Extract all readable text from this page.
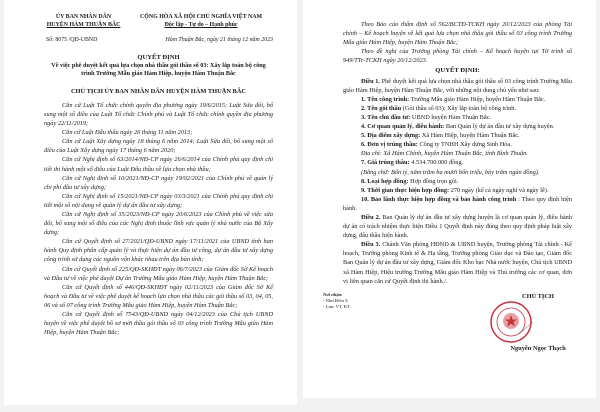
ỦY BAN NHÂN DÂN
HUYỆN HÀM THUẬN BẮC
CỘNG HÒA XÃ HỘI CHỦ NGHĨA VIỆT NAM
Độc lập - Tự do – Hạnh phúc
Số: 8075 /QĐ-UBND	Hàm Thuận Bắc, ngày 21 tháng 12 năm 2023
QUYẾT ĐỊNH
Về việc phê duyệt kết quả lựa chọn nhà thầu gói thầu số 03: Xây lắp toàn bộ công trình Trường Mẫu giáo Hàm Hiệp, huyện Hàm Thuận Bắc
CHỦ TỊCH ỦY BAN NHÂN DÂN HUYỆN HÀM THUẬN BẮC

Căn cứ Luật Tổ chức chính quyền địa phương ngày 19/6/2015; Luật Sửa đổi, bổ sung một số điều của Luật Tổ chức Chính phủ và Luật Tổ chức chính quyền địa phương ngày 22/11/2019;

Căn cứ Luật Đấu thầu ngày 26 tháng 11 năm 2013;

Căn cứ Luật Xây dựng ngày 18 tháng 6 năm 2014; Luật Sửa đổi, bổ sung một số điều của Luật Xây dựng ngày 17 tháng 6 năm 2020;

Căn cứ Nghị định số 63/2014/NĐ-CP ngày 26/6/2014 của Chính phủ quy định chi tiết thi hành một số điều của Luật Đấu thầu về lựa chọn nhà thầu;

Căn cứ Nghị định số 10/2021/NĐ-CP ngày 19/02/2021 của Chính phủ về quản lý chi phí đầu tư xây dựng;

Căn cứ Nghị định số 15/2021/NĐ-CP ngày 03/3/2021 của Chính phủ quy định chi tiết một số nội dung về quản lý dự án đầu tư xây dựng;

Căn cứ Nghị định số 35/2023/NĐ-CP ngày 20/6/2023 của Chính phủ về việc sửa đổi, bổ sung một số điều của các Nghị định thuộc lĩnh vực quản lý nhà nước của Bộ Xây dựng;

Căn cứ Quyết định số 27/2021/QĐ-UBND ngày 17/11/2021 của UBND tỉnh ban hành Quy định phân cấp quản lý và thực hiện dự án đầu tư công, dự án đầu tư xây dựng công trình sử dụng các nguồn vốn khác nhau trên địa bàn tỉnh;

Căn cứ Quyết định số 225/QĐ-SKHĐT ngày 06/7/2023 của Giám đốc Sở Kế hoạch và Đầu tư về việc phê duyệt Dự án Trường Mẫu giáo Hàm Hiệp, huyện Hàm Thuận Bắc;

Căn cứ Quyết định số 446/QĐ-SKHĐT ngày 02/11/2023 của Giám đốc Sở Kế hoạch và Đầu tư về việc phê duyệt kế hoạch lựa chọn nhà thầu các gói thầu số 03, 04, 05, 06 và số 07 công trình Trường Mẫu giáo Hàm Hiệp, huyện Hàm Thuận Bắc;

Căn cứ Quyết định số 7543/QĐ-UBND ngày 04/12/2023 của Chủ tịch UBND huyện về việc phê duyệt hồ sơ mời thầu gói thầu số 03 công trình Trường Mẫu giáo Hàm Hiệp, huyện Hàm Thuận Bắc;

Theo Báo cáo thẩm định số 562/BCTĐ-TCKH ngày 20/12/2023 của phòng Tài chính – Kế hoạch huyện về kết quả lựa chọn nhà thầu gói thầu số 03 công trình Trường Mẫu giáo Hàm Hiệp, huyện Hàm Thuận Bắc;
Theo đề nghị của Trưởng phòng Tài chính – Kế hoạch huyện tại Tờ trình số 949/TTr-TCKH ngày 20/12/2023.
QUYẾT ĐỊNH:
Điều 1. Phê duyệt kết quả lựa chọn nhà thầu gói thầu số 03 công trình Trường Mẫu giáo Hàm Hiệp, huyện Hàm Thuận Bắc, với những nội dung chủ yếu như sau:
1. Tên công trình: Trường Mẫu giáo Hàm Hiệp, huyện Hàm Thuận Bắc.
2. Tên gói thầu (Gói thầu số 03): Xây lắp toàn bộ công trình.
3. Tên chủ đầu tư: UBND huyện Hàm Thuận Bắc.
4. Cơ quan quản lý, điều hành: Ban Quản lý dự án đầu tư xây dựng huyện.
5. Địa điểm xây dựng: Xã Hàm Hiệp, huyện Hàm Thuận Bắc.
6. Đơn vị trúng thầu: Công ty TNHH Xây dựng Sinh Hòa.
Địa chỉ: Xã Hàm Chính, huyện Hàm Thuận Bắc, tỉnh Bình Thuận.
7. Giá trúng thầu: 4.534.700.000 đồng.
(Bằng chữ: Bốn tỷ, năm trăm ba mươi bốn triệu, bảy trăm ngàn đồng).
8. Loại hợp đồng: Hợp đồng trọn gói.
9. Thời gian thực hiện hợp đồng: 270 ngày (kể cả ngày nghỉ và ngày lễ).
10. Bảo lãnh thực hiện hợp đồng và bảo hành công trình : Theo quy định hiện hành.
Điều 2. Ban Quản lý dự án đầu tư xây dựng huyện là cơ quan quản lý, điều hành dự án có trách nhiệm thực hiện Điều 1 Quyết định này đúng theo quy định pháp luật xây dựng, đấu thầu hiện hành.
Điều 3. Chánh Văn phòng HĐND & UBND huyện, Trưởng phòng Tài chính - Kế hoạch, Trưởng phòng Kinh tế & Hạ tầng, Trưởng phòng Giáo dục và Đào tạo, Giám đốc Ban Quản lý dự án đầu tư xây dựng, Giám đốc Kho bạc Nhà nước huyện, Chủ tịch UBND xã Hàm Hiệp, Hiệu trưởng Trường Mẫu giáo Hàm Hiệp và Thủ trưởng các cơ quan, đơn vị liên quan căn cứ Quyết định thi hành./.
Nơi nhận:
- Như Điều 3;
- Lưu: VT, KT.
CHỦ TỊCH
Nguyễn Ngọc Thạch
